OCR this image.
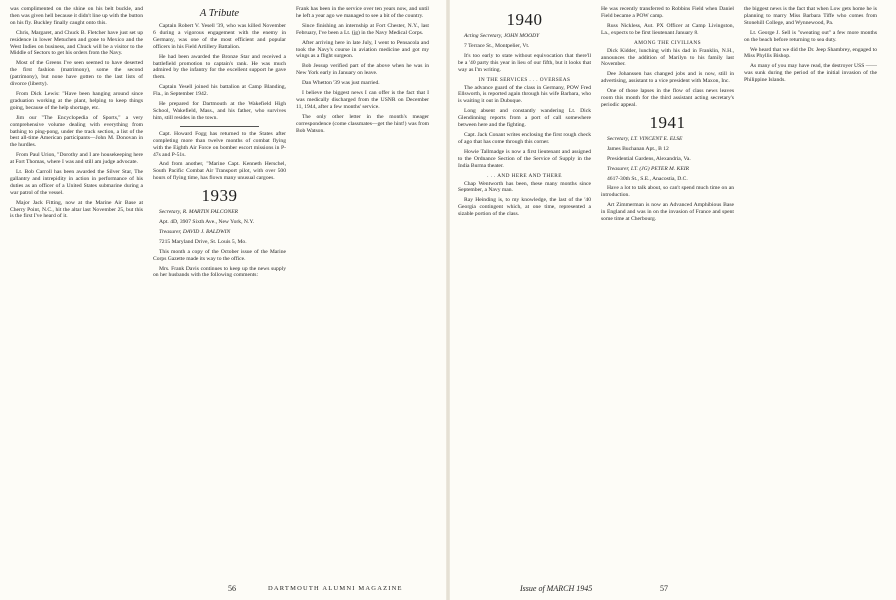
was complimented on the shine on his belt buckle, and then was given hell because it didn't line up with the button on his fly. Buckley finally caught onto this.

Chris, Margaret, and Chuck B. Fletcher have just set up residence in lower Metuchen and gone to Mexico and the West Indies on business, and Chuck will be a visitor to the Middle of Sectors to get his orders from the Navy.

Most of the Greens I've seen seemed to have deserted the first fashion (matrimony), some the second (patrimony), but none have gotten to the last lists of divorce (liberty).

From Dick Lewis: "Have been hanging around since graduation working at the plant, helping to keep things going, because of the help shortage, etc.

Jim our "The Encyclopedia of Sports," a very comprehensive volume dealing with everything from bathing to ping-pong, under the track section, a list of the best all-time American participants—John M. Donovan in the hurdles.

From Paul Urion, "Dorothy and I are housekeeping here at Fort Thomas, where I was and still am judge advocate.

Lt. Bob Carroll has been awarded the Silver Star, The gallantry and intrepidity in action in performance of his duties as an officer of a United States submarine during a war patrol of the vessel.

Major Jack Fitting, now at the Marine Air Base at Cherry Point, N.C., hit the altar last November 25, but this is the first I've heard of it.

A Tribute

Captain Robert V. Yesell '39, who was killed November 6 during a vigorous engagement with the enemy in Germany, was one of the most efficient and popular officers in his Field Artillery Battalion.

He had been awarded the Bronze Star and received a battlefield promotion to captain's rank. He was much admired by the infantry for the excellent support he gave them.

Captain Yesell joined his battalion at Camp Blanding, Fla., in September 1942.

He prepared for Dartmouth at the Wakefield High School, Wakefield, Mass., and his father, who survives him, still resides in the town.

Capt. Howard Fogg has returned to the States after completing more than twelve months of combat flying with the Eighth Air Force on bomber escort missions in P-47s and P-51s.

And from another, "Marine Capt. Kenneth Herschel, South Pacific Combat Air Transport pilot, with over 500 hours of flying time, has flown many unusual cargoes.

1939

Secretary, R. MARTIN FALCONER

Apt. 4D, 3907 Sixth Ave., New York, N.Y.

Treasurer, DAVID J. BALDWIN

7215 Maryland Drive, St. Louis 5, Mo.

This month a copy of the October issue of the Marine Corps Gazette made its way to the office.

Mrs. Frank Davis continues to keep up the news supply on her husbands with the following comments:

Frank has been in the service over ten years now, and until he left a year ago we managed to see a bit of the country.

Since finishing an internship at Fort Chester, N.Y., last February, I've been a Lt. (jg) in the Navy Medical Corps.

After arriving here in late July, I went to Pensacola and took the Navy's course in aviation medicine and got my wings as a flight surgeon.

Bob Jessup verified part of the above when he was in New York early in January on leave.

Dan Whetton '39 was just married.

I believe the biggest news I can offer is the fact that I was medically discharged from the USNR on December 11, 1944, after a few months' service.

The only other letter in the month's meager correspondence (come classmates—get the hint!) was from Bob Watson.

56	DARTMOUTH ALUMNI MAGAZINE
1940

Acting Secretary, JOHN MOODY

7 Terrace St., Montpelier, Vt.

It's too early to state without equivocation that there'll be a '40 party this year in lieu of our fifth, but it looks that way as I'm writing.

IN THE SERVICES . . . OVERSEAS

The advance guard of the class in Germany, POW Fred Ellsworth, is reported again through his wife Barbara, who is waiting it out in Dubuque.

Long absent and constantly wandering Lt. Dick Glendinning reports from a port of call somewhere between here and the fighting.

Capt. Jack Conant writes enclosing the first rough check of ago that has come through this corner.

Howie Tallmadge is now a first lieutenant and assigned to the Ordnance Section of the Service of Supply in the India Burma theater.

. . . AND HERE AND THERE

Chap Wentworth has been, these many months since September, a Navy man.

Ray Heinding is, to my knowledge, the last of the '40 Georgia contingent which, at one time, represented a sizable portion of the class.

He was recently transferred to Robbins Field when Daniel Field became a POW camp.

Russ Nickless, Aut. PX Officer at Camp Livingston, La., expects to be first lieutenant January 8.

AMONG THE CIVILIANS

Dick Kidder, lunching with his dad in Franklin, N.H., announces the addition of Marilyn to his family last November.

Dee Johanssen has changed jobs and is now, still in advertising, assistant to a vice president with Maxon, Inc.

One of those lapses in the flow of class news leaves room this month for the third assistant acting secretary's periodic appeal.

1941

Secretary, LT. VINCENT E. ELSE

James Buchanan Apt., B 12

Presidential Gardens, Alexandria, Va.

Treasurer, LT. (JG) PETER M. KEIR

4617-30th St., S.E., Anacostia, D.C.

Have a lot to talk about, so can't spend much time on an introduction.

Art Zimmerman is now an Advanced Amphibious Base in England and was in on the invasion of France and spent some time at Cherbourg.

the biggest news is the fact that when Low gets home he is planning to marry Miss Barbara Tiffe who comes from Stonehill College, and Wynnewood, Pa.

Lt. George J. Sell is "sweating out" a few more months on the beach before returning to sea duty.

We heard that we did the Dr. Jeep Shambrey, engaged to Miss Phyllis Bishop.

As many of you may have read, the destroyer USS —— was sunk during the period of the initial invasion of the Philippine Islands.

Issue of MARCH 1945	57
